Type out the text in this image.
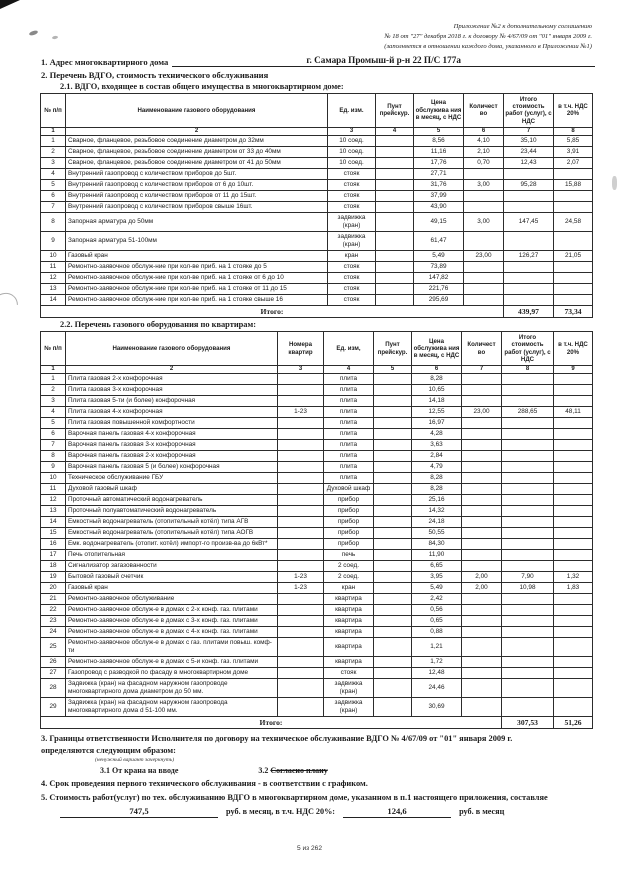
Приложение №2 к дополнительному соглашению
№ 18 от "27" декабря 2018 г. к договору № 4/67/09 от "01" января 2009 г.
(заполняется в отношении каждого дома, указанного в Приложении №1)
1. Адрес многоквартирного дома	г. Самара Промыш-й р-н 22 П/С 177а
2. Перечень ВДГО, стоимость технического обслуживания
2.1. ВДГО, входящее в состав общего имущества в многоквартирном доме:
№ п/п	Наименование газового оборудования	Ед. изм.	Пунт прейскур.	Цена обслужива ния в месяц, с НДС	Количест во	Итого стоимость работ (услуг), с НДС	в т.ч. НДС 20%
1	2	3	4	5	6	7	8
1	Сварное, фланцевое, резьбовое соединение диаметром до 32мм	10 соед.		8,56	4,10	35,10	5,85
2	Сварное, фланцевое, резьбовое соединение диаметром от 33 до 40мм	10 соед.		11,16	2,10	23,44	3,91
3	Сварное, фланцевое, резьбовое соединение диаметром от 41 до 50мм	10 соед.		17,76	0,70	12,43	2,07
4	Внутренний газопровод с количеством приборов до 5шт.	стояк		27,71			
5	Внутренний газопровод с количеством приборов от 6 до 10шт.	стояк		31,76	3,00	95,28	15,88
6	Внутренний газопровод с количеством приборов от 11 до 15шт.	стояк		37,99			
7	Внутренний газопровод с количеством приборов свыше 16шт.	стояк		43,90			
8	Запорная арматура до 50мм	задвижка (кран)		49,15	3,00	147,45	24,58
9	Запорная арматура 51-100мм	задвижка (кран)		61,47			
10	Газовый кран	кран		5,49	23,00	126,27	21,05
11	Ремонтно-заявочное обслуж-ние при кол-ве приб. на 1 стояке до 5	стояк		73,89			
12	Ремонтно-заявочное обслуж-ние при кол-ве приб. на 1 стояке от 6 до 10	стояк		147,82			
13	Ремонтно-заявочное обслуж-ние при кол-ве приб. на 1 стояке от 11 до 15	стояк		221,76			
14	Ремонтно-заявочное обслуж-ние при кол-ве приб. на 1 стояке свыше 16	стояк		295,69			
Итого:						439,97	73,34
2.2. Перечень газового оборудования по квартирам:
№ п/п	Наименование газового оборудования	Номера квартир	Ед. изм,	Пунт прейскур.	Цена обслужива ния в месяц, с НДС	Количест во	Итого стоимость работ (услуг), с НДС	в т.ч. НДС 20%
1	2	3	4	5	6	7	8	9
1	Плита газовая 2-х конфорочная		плита		8,28			
2	Плита газовая 3-х конфорочная		плита		10,65			
3	Плита газовая 5-ти (и более) конфорочная		плита		14,18			
4	Плита газовая 4-х конфорочная	1-23	плита		12,55	23,00	288,65	48,11
5	Плита газовая повышенной комфортности		плита		16,97			
6	Варочная панель газовая 4-х конфорочная		плита		4,28			
7	Варочная панель газовая 3-х конфорочная		плита		3,63			
8	Варочная панель газовая 2-х конфорочная		плита		2,84			
9	Варочная панель газовая 5 (и более) конфорочная		плита		4,79			
10	Техническое обслуживание ГБУ		плита		8,28			
11	Духовой газовый шкаф		Духовой шкаф		8,28			
12	Проточный автоматический водонагреватель		прибор		25,16			
13	Проточный полуавтоматический водонагреватель		прибор		14,32			
14	Емкостный водонагреватель (отопительный котёл) типа АГВ		прибор		24,18			
15	Емкостный водонагреватель (отопительный котёл) типа АОГВ		прибор		50,55			
16	Емк. водонагреватель (отопит. котёл) импорт-го произв-ва до 6кВт*		прибор		84,30			
17	Печь отопительная		печь		11,90			
18	Сигнализатор загазованности		2 соед.		6,65			
19	Бытовой газовый счетчик	1-23	2 соед.		3,95	2,00	7,90	1,32
20	Газовый кран	1-23	кран		5,49	2,00	10,98	1,83
21	Ремонтно-заявочное обслуживание		квартира		2,42			
22	Ремонтно-заявочное обслуж-е в домах с 2-х конф. газ. плитами		квартира		0,56			
23	Ремонтно-заявочное обслуж-е в домах с 3-х конф. газ. плитами		квартира		0,65			
24	Ремонтно-заявочное обслуж-е в домах с 4-х конф. газ. плитами		квартира		0,88			
25	Ремонтно-заявочное обслуж-е в домах с газ. плитами повыш. комф-ти		квартира		1,21			
26	Ремонтно-заявочное обслуж-е в домах с 5-и конф. газ. плитами		квартира		1,72			
27	Газопровод с разводкой по фасаду в многоквартирном доме		стояк		12,48			
28	Задвижка (кран) на фасадном наружном газопроводе многоквартирного дома диаметром до 50 мм.		задвижка (кран)		24,46			
29	Задвижка (кран) на фасадном наружном газопровода многоквартирного дома d 51-100 мм.		задвижка (кран)		30,69			
Итого:							307,53	51,26
3. Границы ответственности Исполнителя по договору на техническое обслуживание ВДГО № 4/67/09 от "01" января 2009 г.
определяются следующим образом:
(ненужный вариант зачеркнуть)
3.1 От крана на вводе	3.2 Согласно плану
4. Срок проведения первого технического обслуживания - в соответствии с графиком.
5. Стоимость работ(услуг) по тех. обслуживанию ВДГО в многоквартирном доме, указанном в п.1 настоящего приложения, составляе
747,5	руб. в месяц, в т.ч. НДС 20%:	124,6	руб. в месяц
5 из 262
